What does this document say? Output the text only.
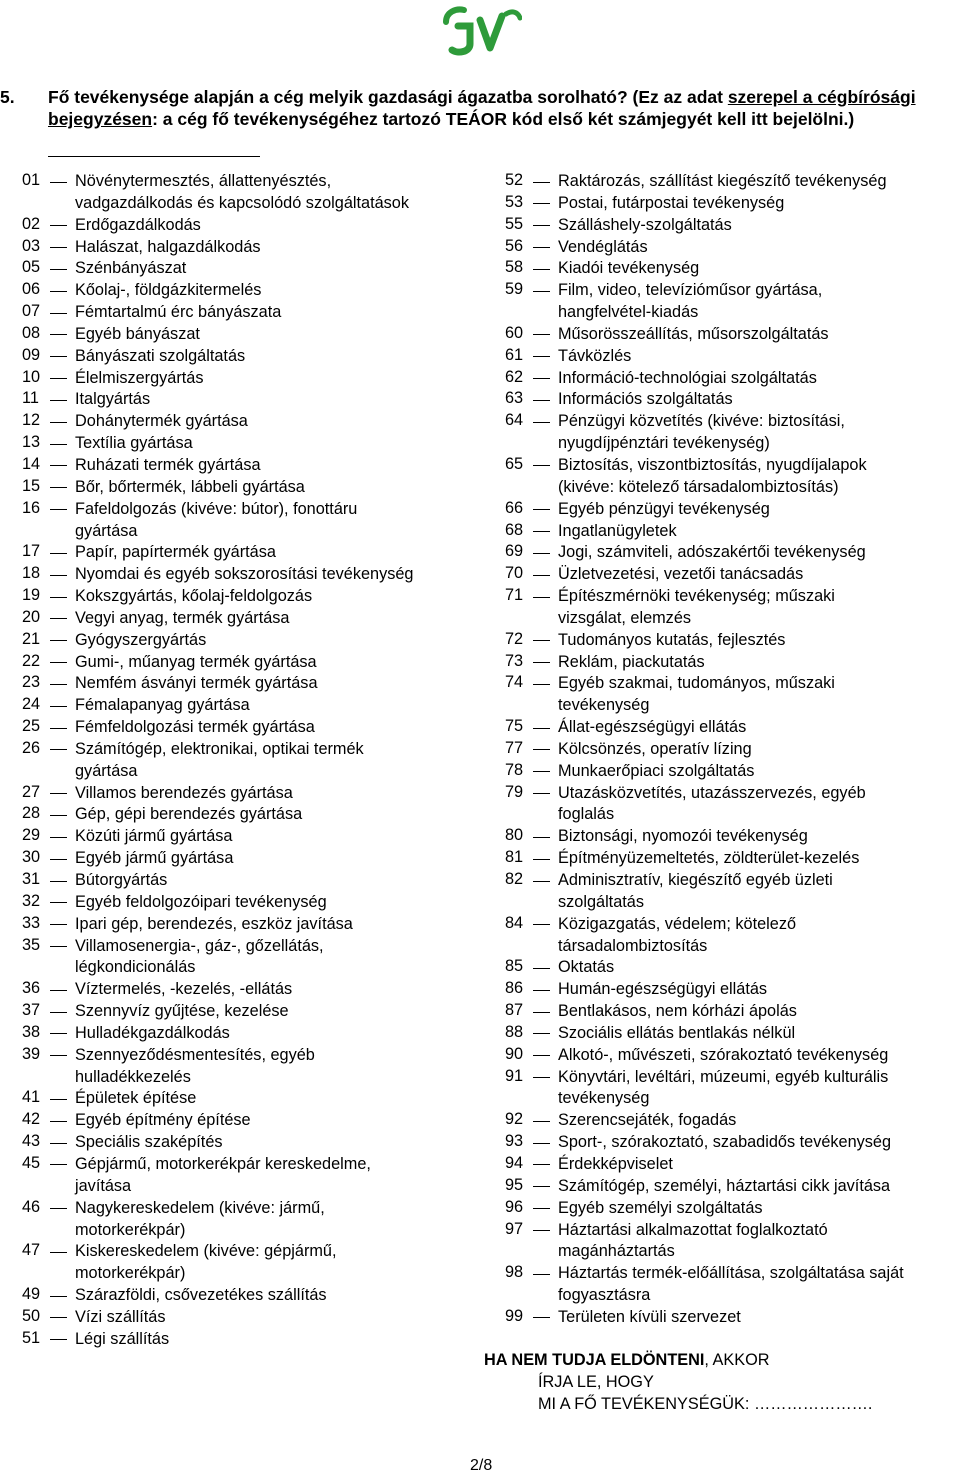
5. Fő tevékenysége alapján a cég melyik gazdasági ágazatba sorolható? (Ez az adat szerepel a cégbírósági bejegyzésen: a cég fő tevékenységéhez tartozó TEÁOR kód első két számjegyét kell itt bejelölni.)
01	Növénytermesztés, állattenyésztés,
vadgazdálkodás és kapcsolódó szolgáltatások
02	Erdőgazdálkodás
03	Halászat, halgazdálkodás
05	Szénbányászat
06	Kőolaj-, földgázkitermelés
07	Fémtartalmú érc bányászata
08	Egyéb bányászat
09	Bányászati szolgáltatás
10	Élelmiszergyártás
11	Italgyártás
12	Dohánytermék gyártása
13	Textília gyártása
14	Ruházati termék gyártása
15	Bőr, bőrtermék, lábbeli gyártása
16	Fafeldolgozás (kivéve: bútor), fonottáru
gyártása
17	Papír, papírtermék gyártása
18	Nyomdai és egyéb sokszorosítási tevékenység
19	Kokszgyártás, kőolaj-feldolgozás
20	Vegyi anyag, termék gyártása
21	Gyógyszergyártás
22	Gumi-, műanyag termék gyártása
23	Nemfém ásványi termék gyártása
24	Fémalapanyag gyártása
25	Fémfeldolgozási termék gyártása
26	Számítógép, elektronikai, optikai termék
gyártása
27	Villamos berendezés gyártása
28	Gép, gépi berendezés gyártása
29	Közúti jármű gyártása
30	Egyéb jármű gyártása
31	Bútorgyártás
32	Egyéb feldolgozóipari tevékenység
33	Ipari gép, berendezés, eszköz javítása
35	Villamosenergia-, gáz-, gőzellátás,
légkondicionálás
36	Víztermelés, -kezelés, -ellátás
37	Szennyvíz gyűjtése, kezelése
38	Hulladékgazdálkodás
39	Szennyeződésmentesítés, egyéb
hulladékkezelés
41	Épületek építése
42	Egyéb építmény építése
43	Speciális szaképítés
45	Gépjármű, motorkerékpár kereskedelme,
javítása
46	Nagykereskedelem (kivéve: jármű,
motorkerékpár)
47	Kiskereskedelem (kivéve: gépjármű,
motorkerékpár)
49	Szárazföldi, csővezetékes szállítás
50	Vízi szállítás
51	Légi szállítás
52	Raktározás, szállítást kiegészítő tevékenység
53	Postai, futárpostai tevékenység
55	Szálláshely-szolgáltatás
56	Vendéglátás
58	Kiadói tevékenység
59	Film, video, televízióműsor gyártása,
hangfelvétel-kiadás
60	Műsorösszeállítás, műsorszolgáltatás
61	Távközlés
62	Információ-technológiai szolgáltatás
63	Információs szolgáltatás
64	Pénzügyi közvetítés (kivéve: biztosítási,
nyugdíjpénztári tevékenység)
65	Biztosítás, viszontbiztosítás, nyugdíjalapok
(kivéve: kötelező társadalombiztosítás)
66	Egyéb pénzügyi tevékenység
68	Ingatlanügyletek
69	Jogi, számviteli, adószakértői tevékenység
70	Üzletvezetési, vezetői tanácsadás
71	Építészmérnöki tevékenység; műszaki
vizsgálat, elemzés
72	Tudományos kutatás, fejlesztés
73	Reklám, piackutatás
74	Egyéb szakmai, tudományos, műszaki
tevékenység
75	Állat-egészségügyi ellátás
77	Kölcsönzés, operatív lízing
78	Munkaerőpiaci szolgáltatás
79	Utazásközvetítés, utazásszervezés, egyéb
foglalás
80	Biztonsági, nyomozói tevékenység
81	Építményüzemeltetés, zöldterület-kezelés
82	Adminisztratív, kiegészítő egyéb üzleti
szolgáltatás
84	Közigazgatás, védelem; kötelező
társadalombiztosítás
85	Oktatás
86	Humán-egészségügyi ellátás
87	Bentlakásos, nem kórházi ápolás
88	Szociális ellátás bentlakás nélkül
90	Alkotó-, művészeti, szórakoztató tevékenység
91	Könyvtári, levéltári, múzeumi, egyéb kulturális
tevékenység
92	Szerencsejáték, fogadás
93	Sport-, szórakoztató, szabadidős tevékenység
94	Érdekképviselet
95	Számítógép, személyi, háztartási cikk javítása
96	Egyéb személyi szolgáltatás
97	Háztartási alkalmazottat foglalkoztató
magánháztartás
98	Háztartás termék-előállítása, szolgáltatása saját
fogyasztásra
99	Területen kívüli szervezet
HA NEM TUDJA ELDÖNTENI, AKKOR
ÍRJA LE, HOGY
MI A FŐ TEVÉKENYSÉGÜK: ………………….
2/8
